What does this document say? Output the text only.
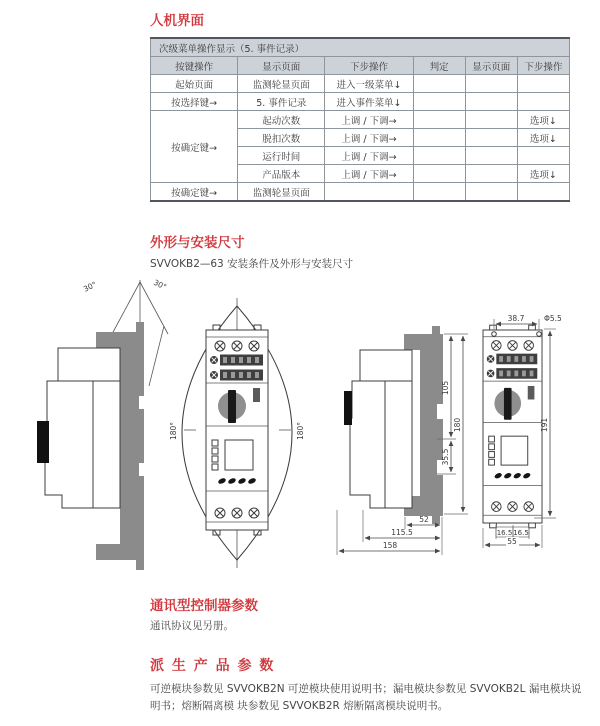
人机界面
次级菜单操作显示（5. 事件记录）					
按键操作	显示页面	下步操作	判定	显示页面	下步操作
起始页面	监测轮显页面	进入一级菜单↓			
按选择键→	5. 事件记录	进入事件菜单↓			
按确定键→	起动次数	上调 / 下调→			选项↓
	脱扣次数	上调 / 下调→			选项↓
	运行时间	上调 / 下调→			
	产品版本	上调 / 下调→			选项↓
按确定键→	监测轮显页面				
外形与安装尺寸
SVVOKB2—63 安装条件及外形与安装尺寸
30°	30°
180°	180°
105
35.5
180
52
115.5
158
38.7	Φ5.5
191
16.5 16.5
55
通讯型控制器参数
通讯协议见另册。
派 生 产 品 参 数
可逆模块参数见 SVVOKB2N 可逆模块使用说明书；漏电模块参数见 SVVOKB2L 漏电模块说明书；熔断隔离模 块参数见 SVVOKB2R 熔断隔离模块说明书。
